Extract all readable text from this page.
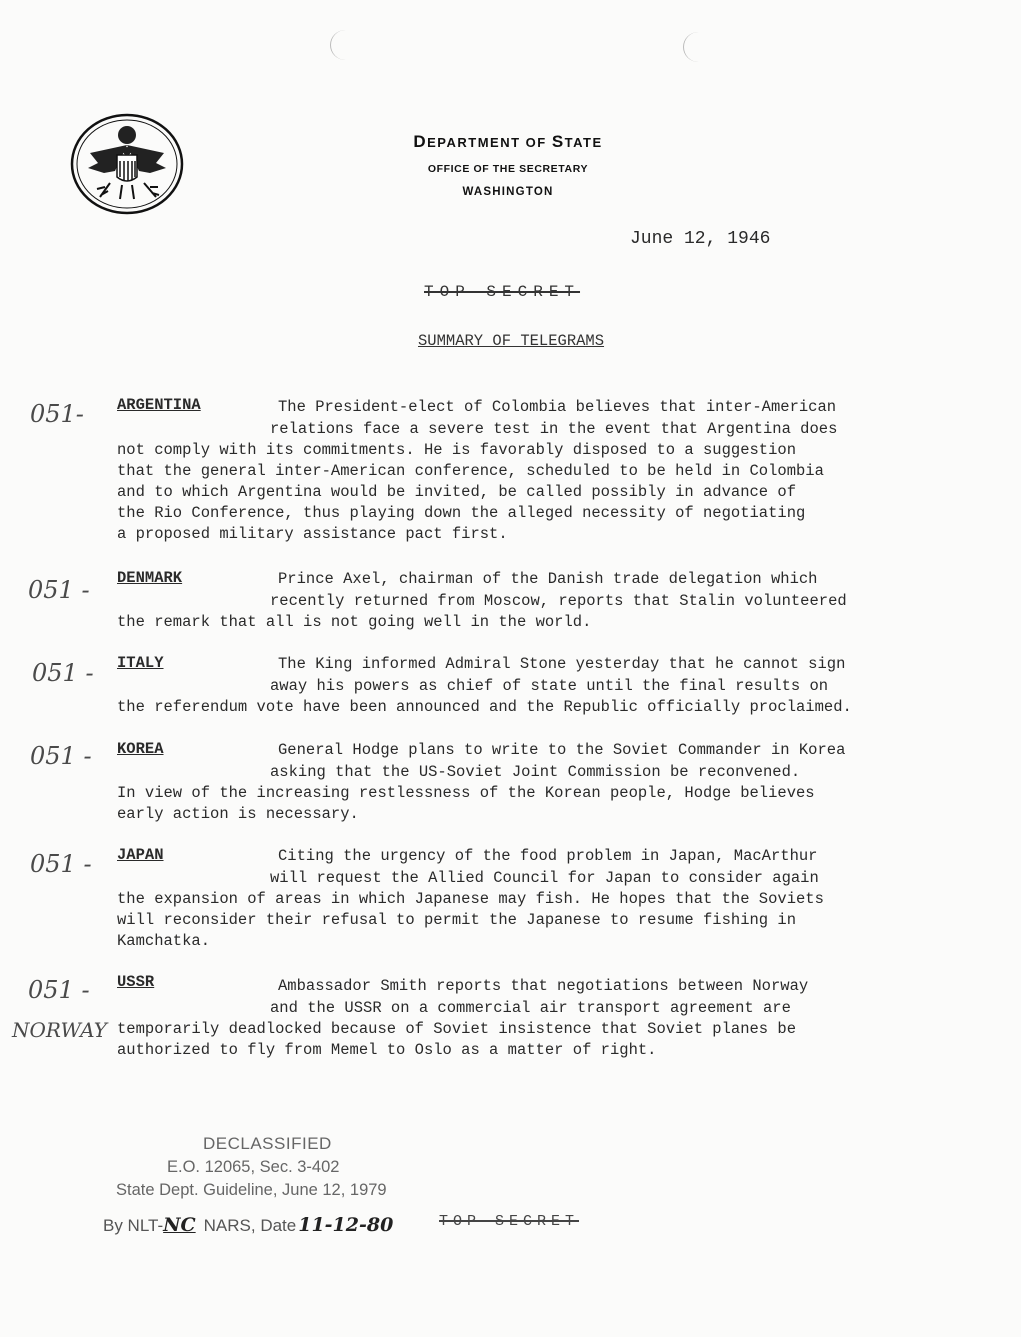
DEPARTMENT OF STATE
OFFICE OF THE SECRETARY
WASHINGTON
June 12, 1946
TOP SECRET
SUMMARY OF TELEGRAMS
051- ARGENTINA	The President-elect of Colombia believes that inter-American
relations face a severe test in the event that Argentina does
not comply with its commitments. He is favorably disposed to a suggestion
that the general inter-American conference, scheduled to be held in Colombia
and to which Argentina would be invited, be called possibly in advance of
the Rio Conference, thus playing down the alleged necessity of negotiating
a proposed military assistance pact first.
051 - DENMARK	Prince Axel, chairman of the Danish trade delegation which
recently returned from Moscow, reports that Stalin volunteered
the remark that all is not going well in the world.
051 - ITALY	The King informed Admiral Stone yesterday that he cannot sign
away his powers as chief of state until the final results on
the referendum vote have been announced and the Republic officially proclaimed.
051 - KOREA	General Hodge plans to write to the Soviet Commander in Korea
asking that the US-Soviet Joint Commission be reconvened.
In view of the increasing restlessness of the Korean people, Hodge believes
early action is necessary.
051 - JAPAN	Citing the urgency of the food problem in Japan, MacArthur
will request the Allied Council for Japan to consider again
the expansion of areas in which Japanese may fish. He hopes that the Soviets
will reconsider their refusal to permit the Japanese to resume fishing in
Kamchatka.
051 - USSR	Ambassador Smith reports that negotiations between Norway
and the USSR on a commercial air transport agreement are
temporarily deadlocked because of Soviet insistence that Soviet planes be
authorized to fly from Memel to Oslo as a matter of right.
NORWAY
DECLASSIFIED
E.O. 12065, Sec. 3-402
State Dept. Guideline, June 12, 1979
By NLT-NC NARS, Date 11-12-80	TOP SECRET
